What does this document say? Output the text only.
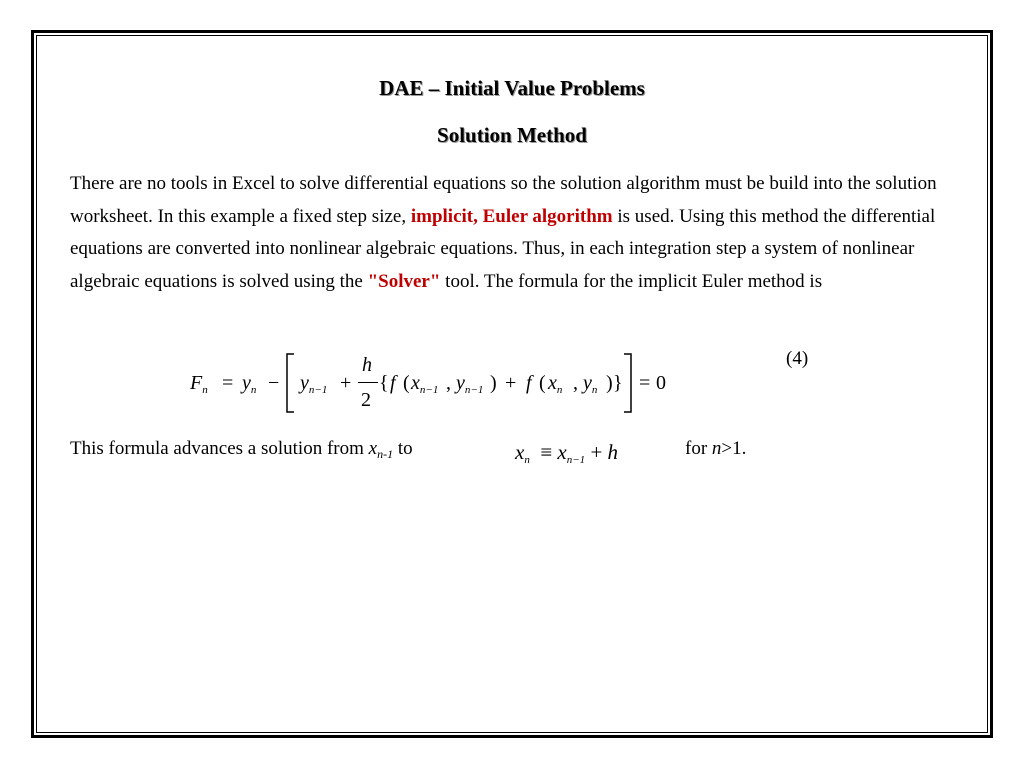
DAE – Initial Value Problems
Solution Method
There are no tools in Excel to solve differential equations so the solution algorithm must be build into the solution worksheet. In this example a fixed step size, implicit, Euler algorithm is used. Using this method the differential equations are converted into nonlinear algebraic equations. Thus, in each integration step a system of nonlinear algebraic equations is solved using the "Solver" tool. The formula for the implicit Euler method is
(4)
$F_n = y_n - y_{n-1}$ +
h
2
{ f ( $x_{n-1}$ , $y_{n-1}$ ) + f ( $x_n$ , $y_n$ ) } = 0
This formula advances a solution from $x_{n-1}$ to	$x_n \equiv x_{n-1} + h$	for n>1.
